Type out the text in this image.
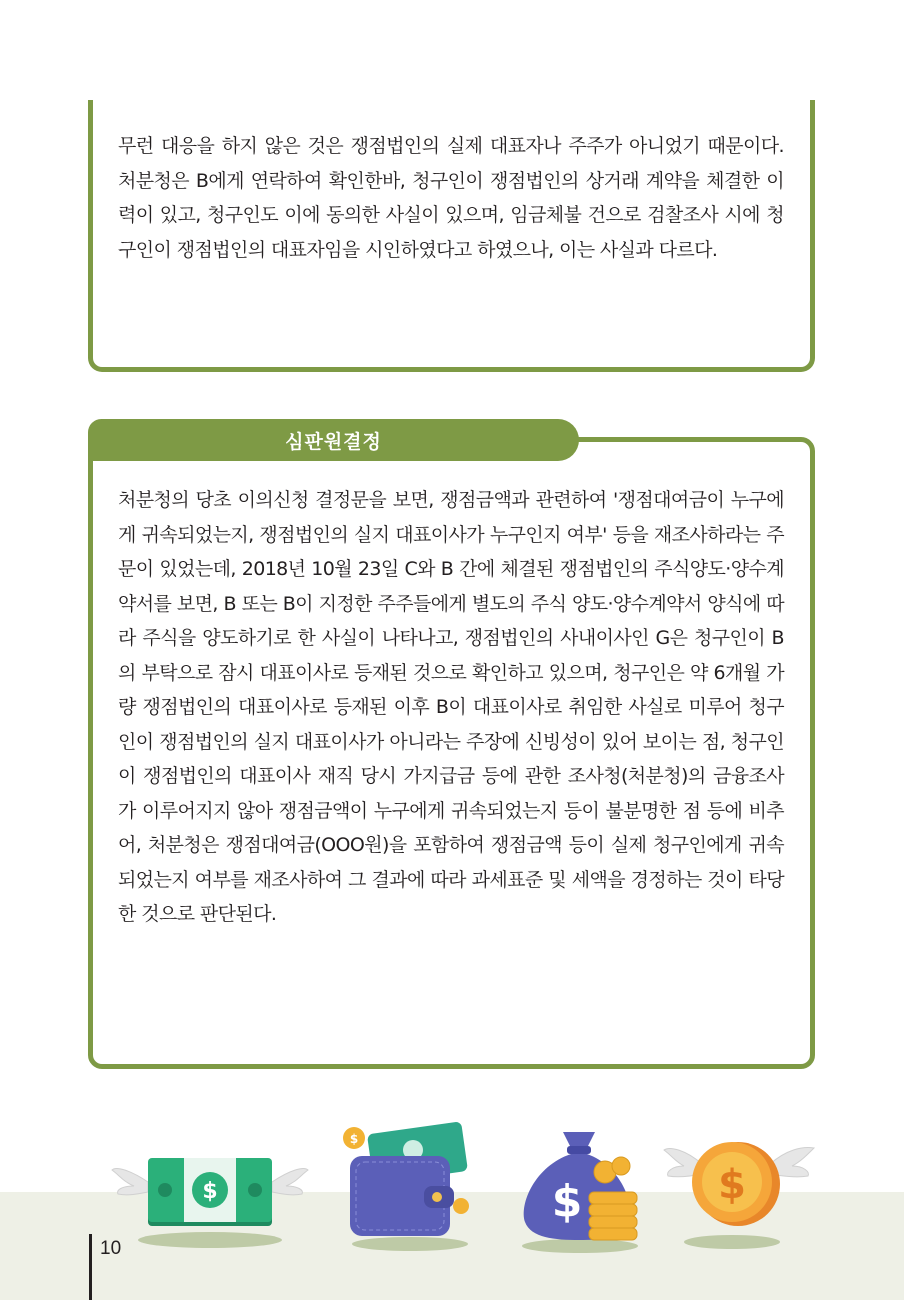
무런 대응을 하지 않은 것은 쟁점법인의 실제 대표자나 주주가 아니었기 때문이다. 처분청은 B에게 연락하여 확인한바, 청구인이 쟁점법인의 상거래 계약을 체결한 이력이 있고, 청구인도 이에 동의한 사실이 있으며, 임금체불 건으로 검찰조사 시에 청구인이 쟁점법인의 대표자임을 시인하였다고 하였으나, 이는 사실과 다르다.

심판원결정

처분청의 당초 이의신청 결정문을 보면, 쟁점금액과 관련하여 '쟁점대여금이 누구에게 귀속되었는지, 쟁점법인의 실지 대표이사가 누구인지 여부' 등을 재조사하라는 주문이 있었는데, 2018년 10월 23일 C와 B 간에 체결된 쟁점법인의 주식양도·양수계약서를 보면, B 또는 B이 지정한 주주들에게 별도의 주식 양도·양수계약서 양식에 따라 주식을 양도하기로 한 사실이 나타나고, 쟁점법인의 사내이사인 G은 청구인이 B의 부탁으로 잠시 대표이사로 등재된 것으로 확인하고 있으며, 청구인은 약 6개월 가량 쟁점법인의 대표이사로 등재된 이후 B이 대표이사로 취임한 사실로 미루어 청구인이 쟁점법인의 실지 대표이사가 아니라는 주장에 신빙성이 있어 보이는 점, 청구인이 쟁점법인의 대표이사 재직 당시 가지급금 등에 관한 조사청(처분청)의 금융조사가 이루어지지 않아 쟁점금액이 누구에게 귀속되었는지 등이 불분명한 점 등에 비추어, 처분청은 쟁점대여금(OOO원)을 포함하여 쟁점금액 등이 실제 청구인에게 귀속되었는지 여부를 재조사하여 그 결과에 따라 과세표준 및 세액을 경정하는 것이 타당한 것으로 판단된다.

10
$
$
$	$
